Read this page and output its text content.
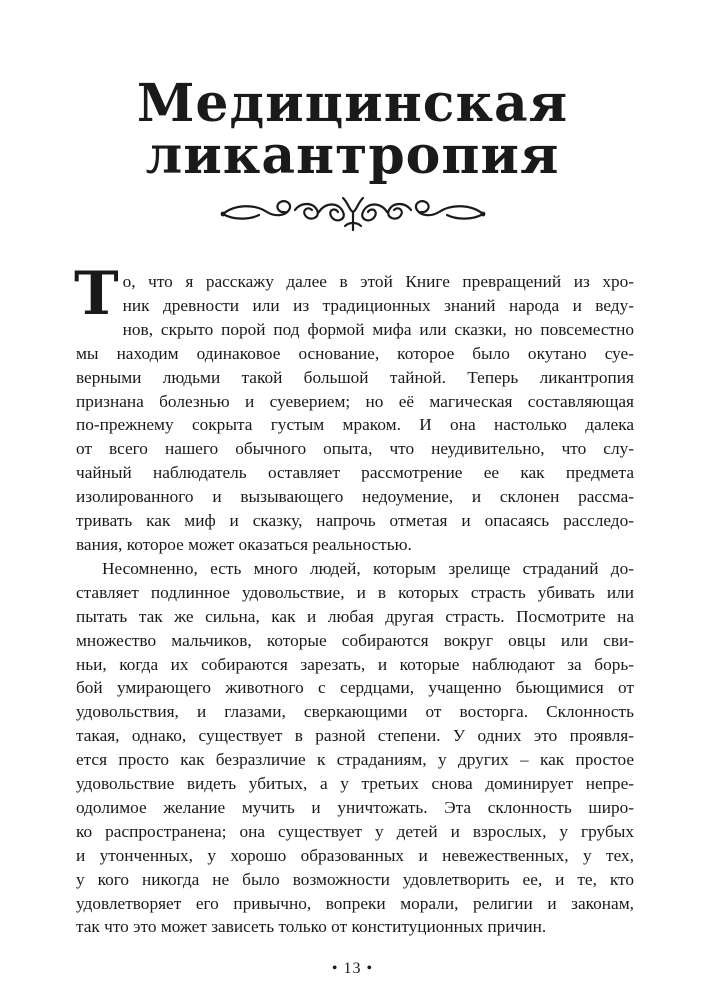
Медицинская
ликантропия
Т о, что я расскажу далее в этой Книге превращений из хро-
ник древности или из традиционных знаний народа и веду-
нов, скрыто порой под формой мифа или сказки, но повсеместно
мы находим одинаковое основание, которое было окутано суе-
верными людьми такой большой тайной. Теперь ликантропия
признана болезнью и суеверием; но её магическая составляющая
по-прежнему сокрыта густым мраком. И она настолько далека
от всего нашего обычного опыта, что неудивительно, что слу-
чайный наблюдатель оставляет рассмотрение ее как предмета
изолированного и вызывающего недоумение, и склонен рассма-
тривать как миф и сказку, напрочь отметая и опасаясь расследо-
вания, которое может оказаться реальностью.
Несомненно, есть много людей, которым зрелище страданий до-
ставляет подлинное удовольствие, и в которых страсть убивать или
пытать так же сильна, как и любая другая страсть. Посмотрите на
множество мальчиков, которые собираются вокруг овцы или сви-
ньи, когда их собираются зарезать, и которые наблюдают за борь-
бой умирающего животного с сердцами, учащенно бьющимися от
удовольствия, и глазами, сверкающими от восторга. Склонность
такая, однако, существует в разной степени. У одних это проявля-
ется просто как безразличие к страданиям, у других – как простое
удовольствие видеть убитых, а у третьих снова доминирует непре-
одолимое желание мучить и уничтожать. Эта склонность широ-
ко распространена; она существует у детей и взрослых, у грубых
и утонченных, у хорошо образованных и невежественных, у тех,
у кого никогда не было возможности удовлетворить ее, и те, кто
удовлетворяет его привычно, вопреки морали, религии и законам,
так что это может зависеть только от конституционных причин.
• 13 •
